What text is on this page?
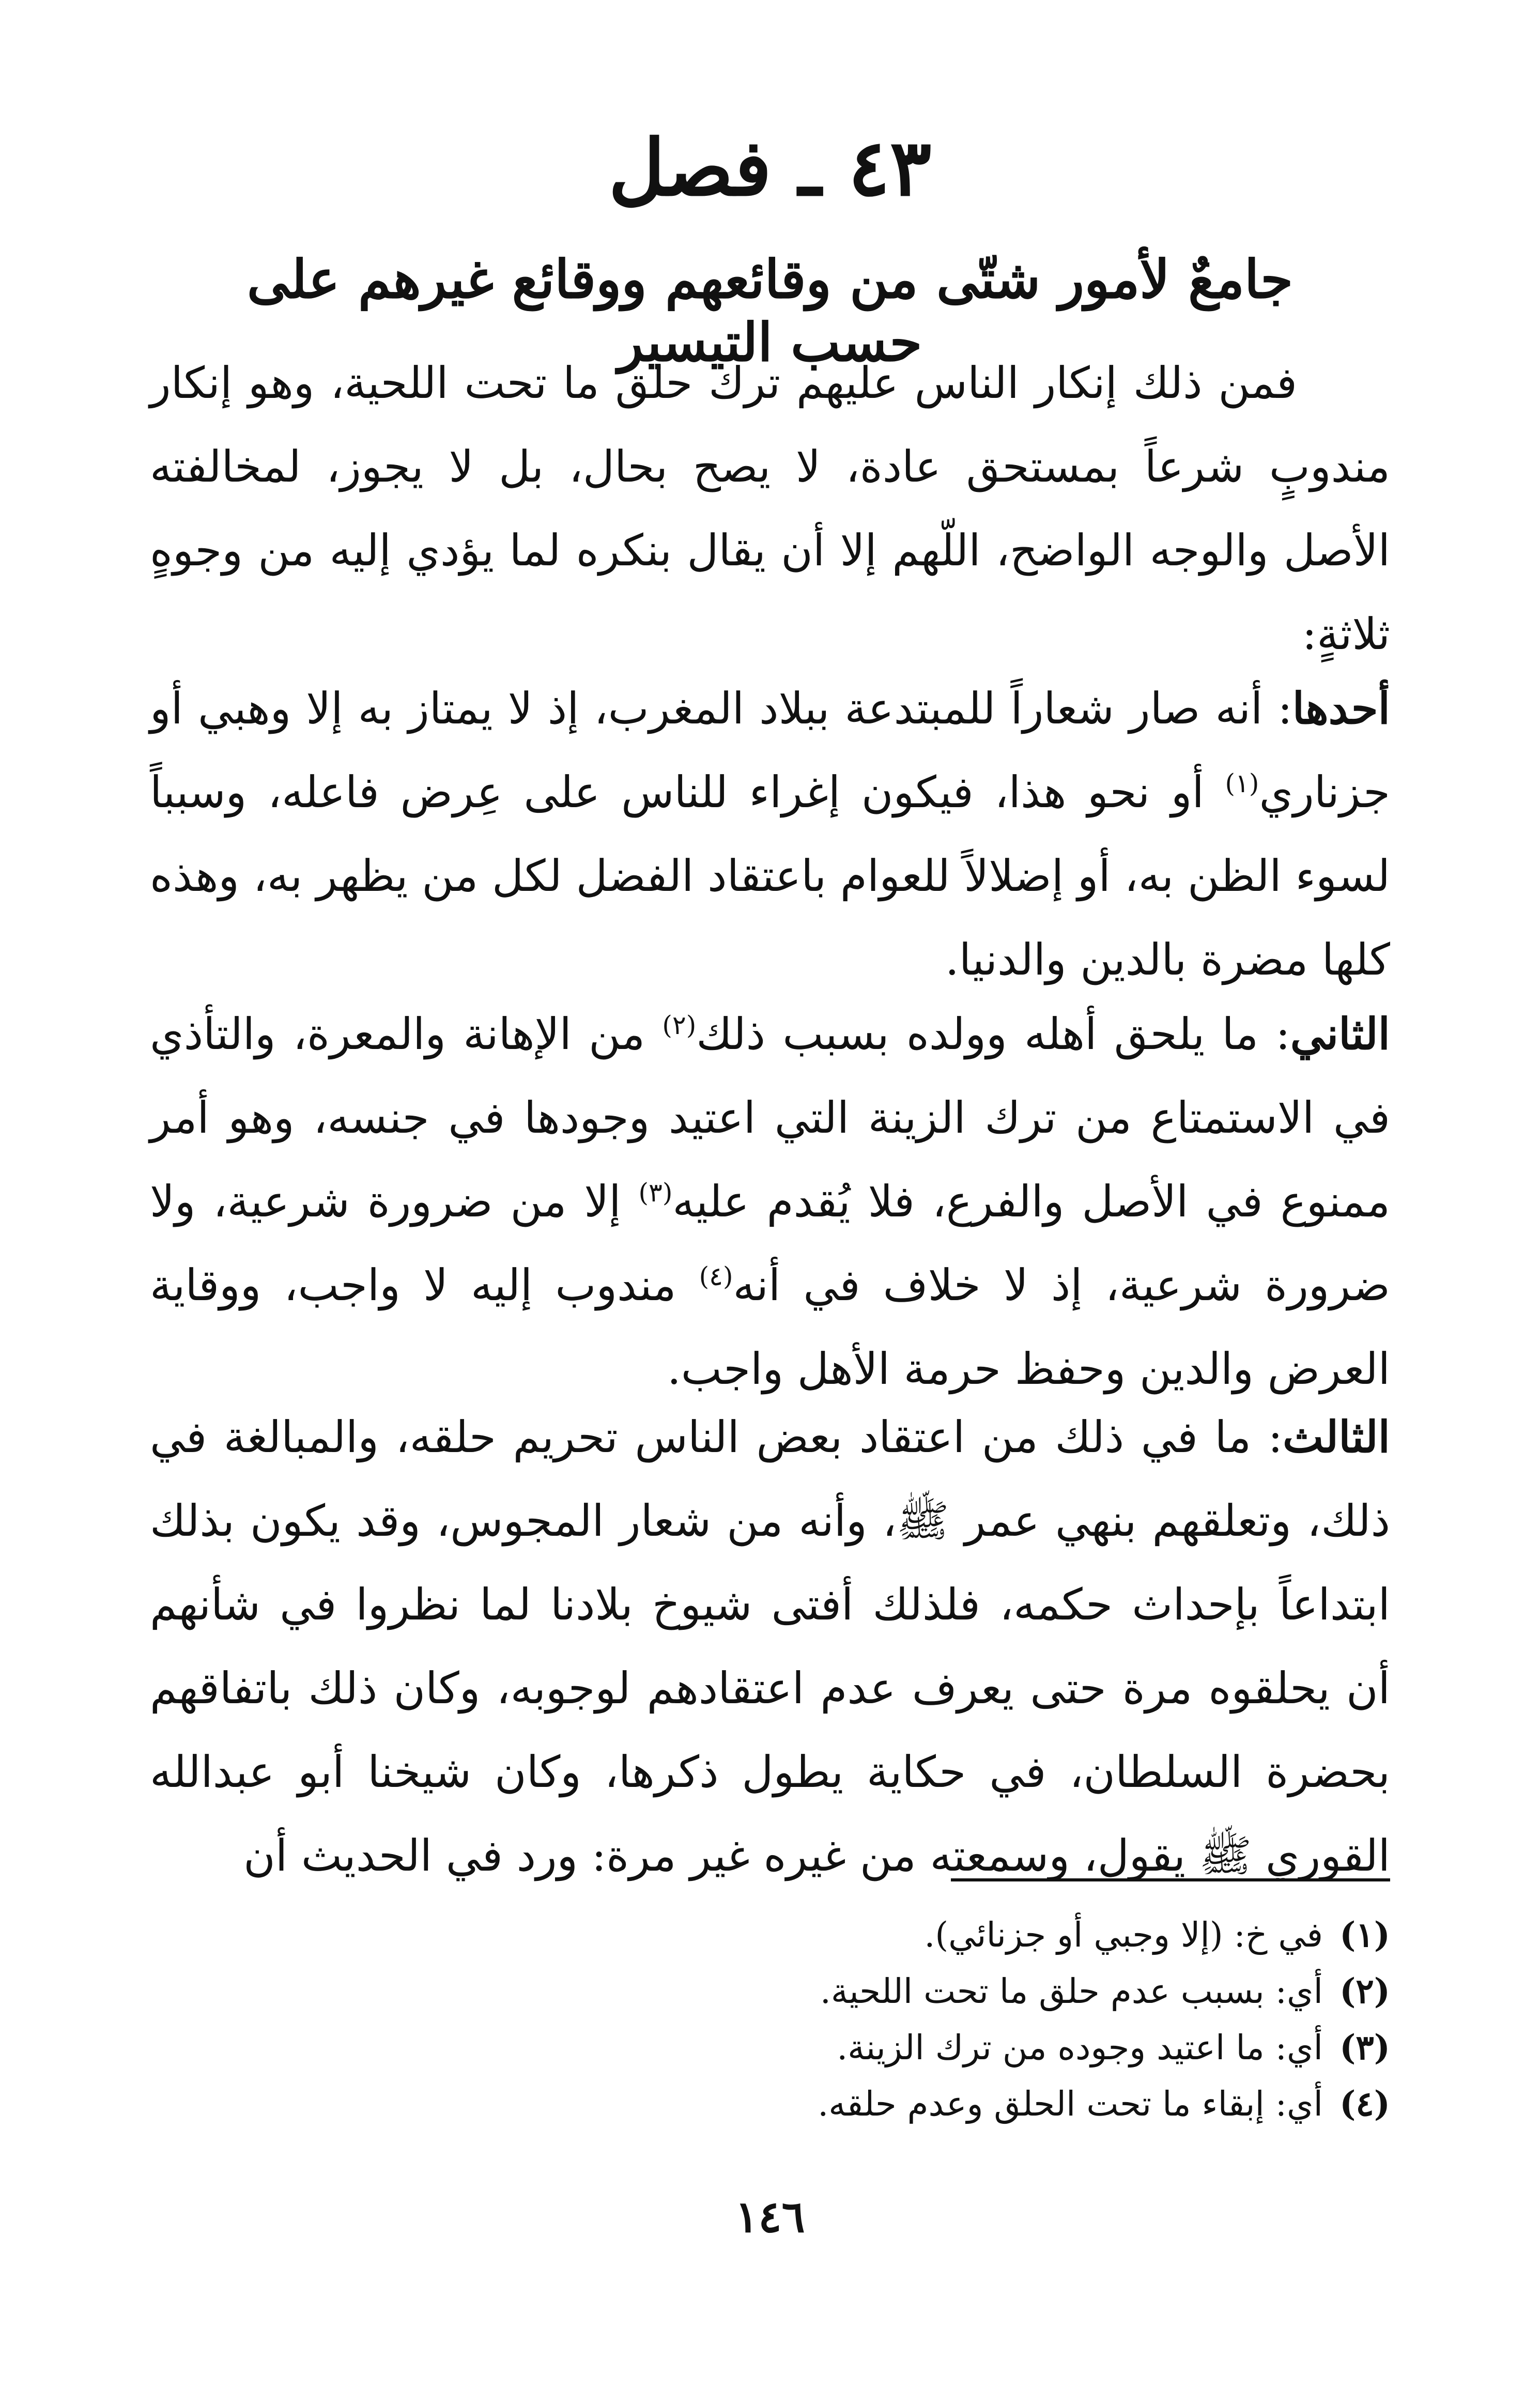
٤٣ ـ فصل
جامعٌ لأمور شتّى من وقائعهم ووقائع غيرهم على حسب التيسير

فمن ذلك إنكار الناس عليهم ترك حلق ما تحت اللحية، وهو إنكار مندوبٍ شرعاً بمستحق عادة، لا يصح بحال، بل لا يجوز، لمخالفته الأصل والوجه الواضح، اللّهم إلا أن يقال بنكره لما يؤدي إليه من وجوهٍ ثلاثةٍ:

أحدها: أنه صار شعاراً للمبتدعة ببلاد المغرب، إذ لا يمتاز به إلا وهبي أو جزناري$^{(١)}$ أو نحو هذا، فيكون إغراء للناس على عِرض فاعله، وسبباً لسوء الظن به، أو إضلالاً للعوام باعتقاد الفضل لكل من يظهر به، وهذه كلها مضرة بالدين والدنيا.

الثاني: ما يلحق أهله وولده بسبب ذلك$^{(٢)}$ من الإهانة والمعرة، والتأذي في الاستمتاع من ترك الزينة التي اعتيد وجودها في جنسه، وهو أمر ممنوع في الأصل والفرع، فلا يُقدم عليه$^{(٣)}$ إلا من ضرورة شرعية، ولا ضرورة شرعية، إذ لا خلاف في أنه$^{(٤)}$ مندوب إليه لا واجب، ووقاية العرض والدين وحفظ حرمة الأهل واجب.

الثالث: ما في ذلك من اعتقاد بعض الناس تحريم حلقه، والمبالغة في ذلك، وتعلقهم بنهي عمر ﷺ، وأنه من شعار المجوس، وقد يكون بذلك ابتداعاً بإحداث حكمه، فلذلك أفتى شيوخ بلادنا لما نظروا في شأنهم أن يحلقوه مرة حتى يعرف عدم اعتقادهم لوجوبه، وكان ذلك باتفاقهم بحضرة السلطان، في حكاية يطول ذكرها، وكان شيخنا أبو عبدالله القوري ﷺ يقول، وسمعته من غيره غير مرة: ورد في الحديث أن

(١)في خ: (إلا وجبي أو جزنائي).
(٢)أي: بسبب عدم حلق ما تحت اللحية.
(٣)أي: ما اعتيد وجوده من ترك الزينة.
(٤)أي: إبقاء ما تحت الحلق وعدم حلقه.
١٤٦
